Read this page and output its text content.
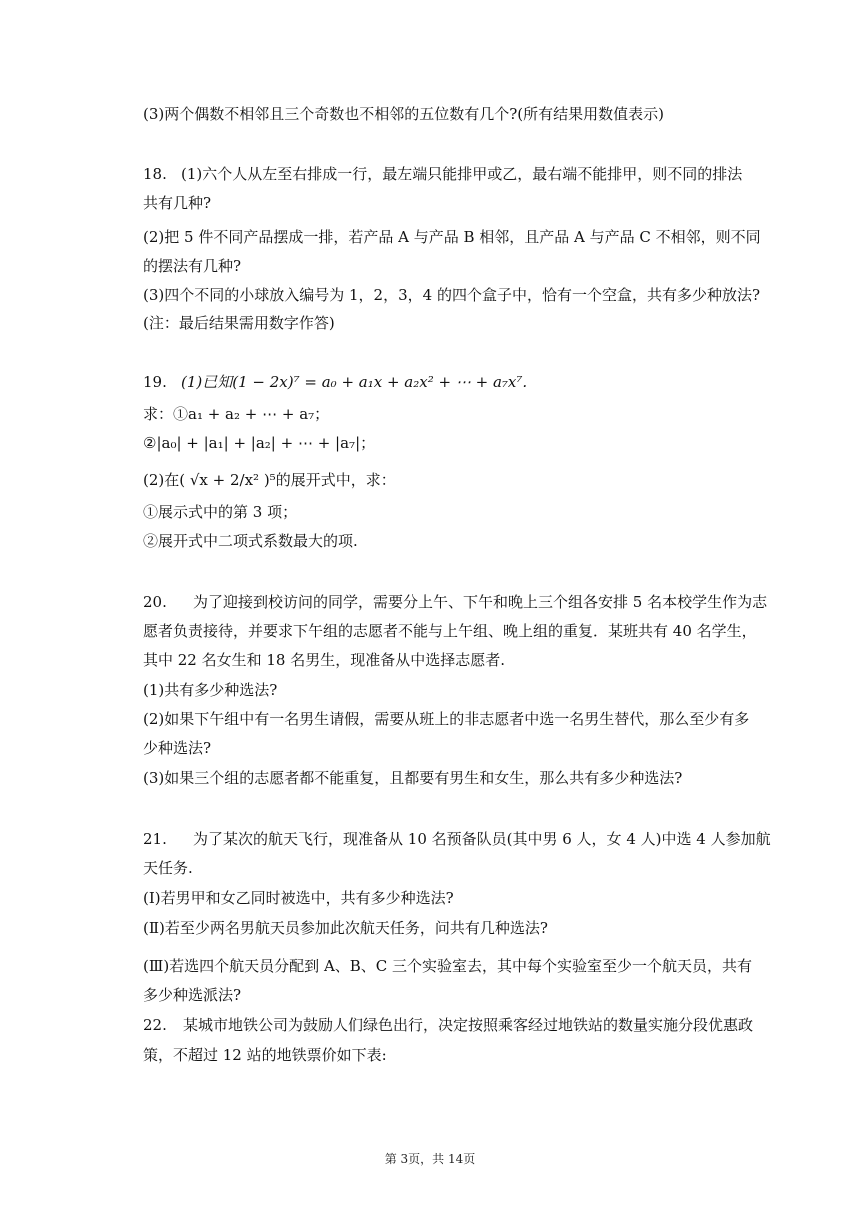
(3)两个偶数不相邻且三个奇数也不相邻的五位数有几个?(所有结果用数值表示)
18. (1)六个人从左至右排成一行，最左端只能排甲或乙，最右端不能排甲，则不同的排法
共有几种?
(2)把 5 件不同产品摆成一排，若产品 A 与产品 B 相邻，且产品 A 与产品 C 不相邻，则不同
的摆法有几种?
(3)四个不同的小球放入编号为 1，2，3，4 的四个盒子中，恰有一个空盒，共有多少种放法?
(注：最后结果需用数字作答)
19. (1)已知(1 − 2x)⁷ = a₀ + a₁x + a₂x² + ⋯ + a₇x⁷.
求：①a₁ + a₂ + ⋯ + a₇；
②|a₀| + |a₁| + |a₂| + ⋯ + |a₇|；
(2)在( √x + 2/x² )⁵的展开式中，求：
①展示式中的第 3 项；
②展开式中二项式系数最大的项.
20. 为了迎接到校访问的同学，需要分上午、下午和晚上三个组各安排 5 名本校学生作为志
愿者负责接待，并要求下午组的志愿者不能与上午组、晚上组的重复．某班共有 40 名学生，
其中 22 名女生和 18 名男生，现准备从中选择志愿者.
(1)共有多少种选法?
(2)如果下午组中有一名男生请假，需要从班上的非志愿者中选一名男生替代，那么至少有多
少种选法?
(3)如果三个组的志愿者都不能重复，且都要有男生和女生，那么共有多少种选法?
21. 为了某次的航天飞行，现准备从 10 名预备队员(其中男 6 人，女 4 人)中选 4 人参加航
天任务.
(Ⅰ)若男甲和女乙同时被选中，共有多少种选法?
(Ⅱ)若至少两名男航天员参加此次航天任务，问共有几种选法?
(Ⅲ)若选四个航天员分配到 A、B、C 三个实验室去，其中每个实验室至少一个航天员，共有
多少种选派法?
22. 某城市地铁公司为鼓励人们绿色出行，决定按照乘客经过地铁站的数量实施分段优惠政
策，不超过 12 站的地铁票价如下表:
第 3页，共 14页
